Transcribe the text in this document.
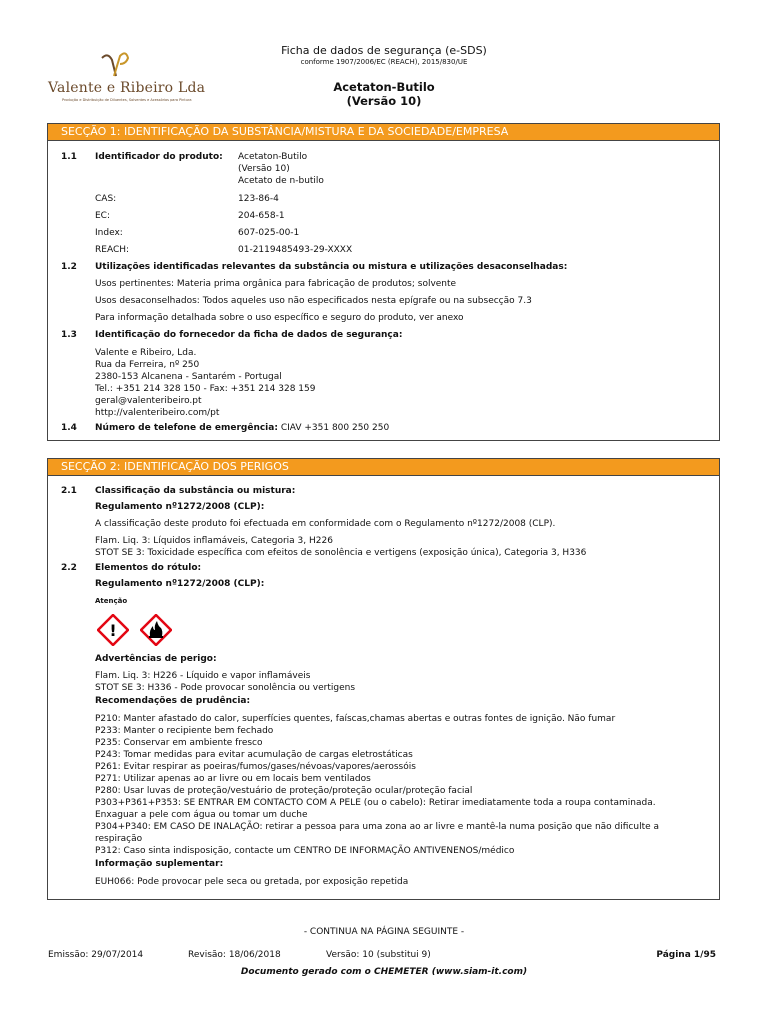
Valente e Ribeiro Lda
Produção e Distribuição de Diluentes, Solventes e Acessórios para Pintura
Ficha de dados de segurança (e-SDS)
conforme 1907/2006/EC (REACH), 2015/830/UE
Acetaton-Butilo
(Versão 10)
SECÇÃO 1: IDENTIFICAÇÃO DA SUBSTÂNCIA/MISTURA E DA SOCIEDADE/EMPRESA
1.1 Identificador do produto: Acetaton-Butilo
(Versão 10)
Acetato de n-butilo
CAS:	123-86-4
EC:	204-658-1
Index:	607-025-00-1
REACH:	01-2119485493-29-XXXX
1.2 Utilizações identificadas relevantes da substância ou mistura e utilizações desaconselhadas:
Usos pertinentes: Materia prima orgânica para fabricação de produtos; solvente
Usos desaconselhados: Todos aqueles uso não especificados nesta epígrafe ou na subsecção 7.3
Para informação detalhada sobre o uso específico e seguro do produto, ver anexo
1.3 Identificação do fornecedor da ficha de dados de segurança:
Valente e Ribeiro, Lda.
Rua da Ferreira, nº 250
2380-153 Alcanena - Santarém - Portugal
Tel.: +351 214 328 150 - Fax: +351 214 328 159
geral@valenteribeiro.pt
http://valenteribeiro.com/pt
1.4 Número de telefone de emergência: CIAV +351 800 250 250
SECÇÃO 2: IDENTIFICAÇÃO DOS PERIGOS
2.1 Classificação da substância ou mistura:
Regulamento nº1272/2008 (CLP):
A classificação deste produto foi efectuada em conformidade com o Regulamento nº1272/2008 (CLP).
Flam. Liq. 3: Líquidos inflamáveis, Categoria 3, H226
STOT SE 3: Toxicidade específica com efeitos de sonolência e vertigens (exposição única), Categoria 3, H336
2.2 Elementos do rótulo:
Regulamento nº1272/2008 (CLP):
Atenção
!
Advertências de perigo:
Flam. Liq. 3: H226 - Líquido e vapor inflamáveis
STOT SE 3: H336 - Pode provocar sonolência ou vertigens
Recomendações de prudência:
P210: Manter afastado do calor, superfícies quentes, faíscas,chamas abertas e outras fontes de ignição. Não fumar
P233: Manter o recipiente bem fechado
P235: Conservar em ambiente fresco
P243: Tomar medidas para evitar acumulação de cargas eletrostáticas
P261: Evitar respirar as poeiras/fumos/gases/névoas/vapores/aerossóis
P271: Utilizar apenas ao ar livre ou em locais bem ventilados
P280: Usar luvas de proteção/vestuário de proteção/proteção ocular/proteção facial
P303+P361+P353: SE ENTRAR EM CONTACTO COM A PELE (ou o cabelo): Retirar imediatamente toda a roupa contaminada.
Enxaguar a pele com água ou tomar um duche
P304+P340: EM CASO DE INALAÇÃO: retirar a pessoa para uma zona ao ar livre e mantê-la numa posição que não dificulte a
respiração
P312: Caso sinta indisposição, contacte um CENTRO DE INFORMAÇÃO ANTIVENENOS/médico
Informação suplementar:
EUH066: Pode provocar pele seca ou gretada, por exposição repetida
- CONTINUA NA PÁGINA SEGUINTE -
Emissão: 29/07/2014	Revisão: 18/06/2018	Versão: 10 (substitui 9)	Página 1/95
Documento gerado com o CHEMETER (www.siam-it.com)
